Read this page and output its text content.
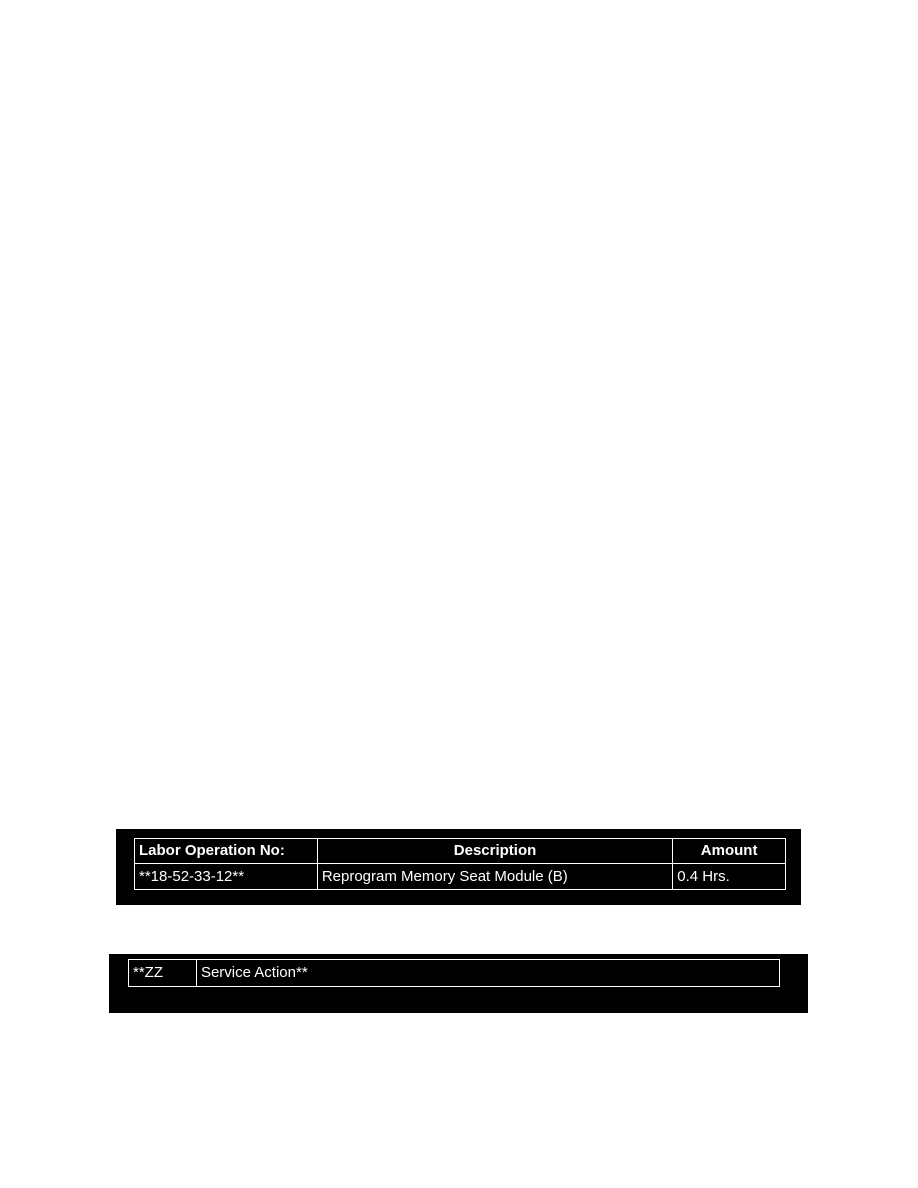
Labor Operation No:	Description	Amount
**18-52-33-12**	Reprogram Memory Seat Module (B)	0.4 Hrs.
**ZZ	Service Action**
